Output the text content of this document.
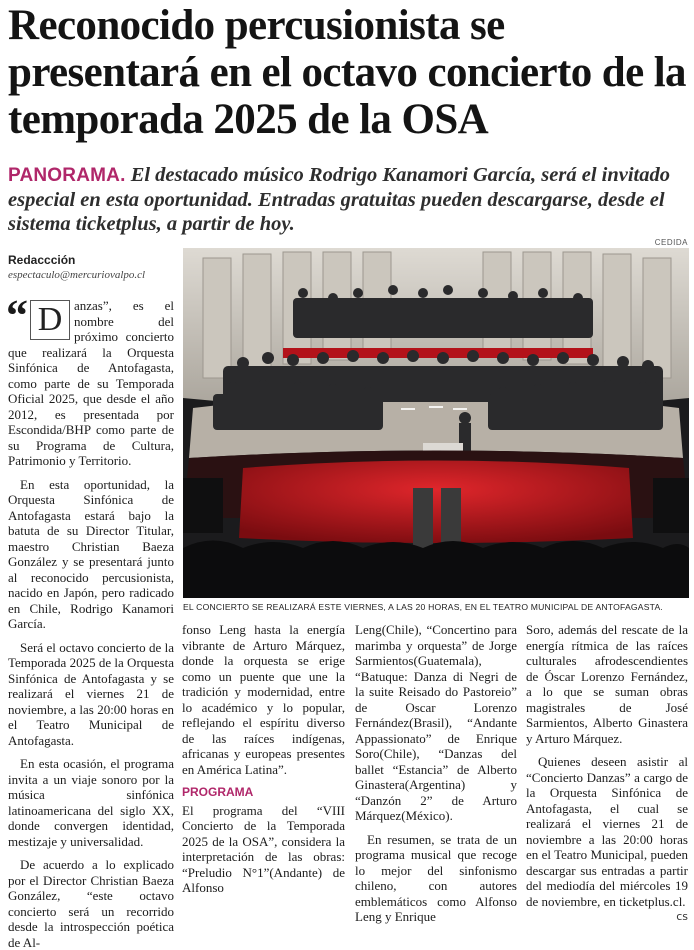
Reconocido percusionista se presentará en el octavo concierto de la temporada 2025 de la OSA
PANORAMA. El destacado músico Rodrigo Kanamori García, será el invitado especial en esta oportunidad. Entradas gratuitas pueden descargarse, desde el sistema ticketplus, a partir de hoy.
Redaccción
espectaculo@mercuriovalpo.cl
CEDIDA
EL CONCIERTO SE REALIZARÁ ESTE VIERNES, A LAS 20 HORAS, EN EL TEATRO MUNICIPAL DE ANTOFAGASTA.
“ D anzas”, es el nombre del próximo concierto que realizará la Orquesta Sinfónica de Antofagasta, como parte de su Temporada Oficial 2025, que desde el año 2012, es presentada por Escondida/BHP como parte de su Programa de Cultura, Patrimonio y Territorio.

En esta oportunidad, la Orquesta Sinfónica de Antofagasta estará bajo la batuta de su Director Titular, maestro Christian Baeza González y se presentará junto al reconocido percusionista, nacido en Japón, pero radicado en Chile, Rodrigo Kanamori García.

Será el octavo concierto de la Temporada 2025 de la Orquesta Sinfónica de Antofagasta y se realizará el viernes 21 de noviembre, a las 20:00 horas en el Teatro Municipal de Antofagasta.

En esta ocasión, el programa invita a un viaje sonoro por la música sinfónica latinoamericana del siglo XX, donde convergen identidad, mestizaje y universalidad.

De acuerdo a lo explicado por el Director Christian Baeza González, “este octavo concierto será un recorrido desde la introspección poética de Al-

fonso Leng hasta la energía vibrante de Arturo Márquez, donde la orquesta se erige como un puente que une la tradición y modernidad, entre lo académico y lo popular, reflejando el espíritu diverso de las raíces indígenas, africanas y europeas presentes en América Latina”.

PROGRAMA

El programa del “VIII Concierto de la Temporada 2025 de la OSA”, considera la interpretación de las obras: “Preludio N°1”(Andante) de Alfonso

Leng(Chile), “Concertino para marimba y orquesta” de Jorge Sarmientos(Guatemala), “Batuque: Danza di Negri de la suite Reisado do Pastoreio” de Oscar Lorenzo Fernández(Brasil), “Andante Appassionato” de Enrique Soro(Chile), “Danzas del ballet “Estancia” de Alberto Ginastera(Argentina) y “Danzón 2” de Arturo Márquez(México).

En resumen, se trata de un programa musical que recoge lo mejor del sinfonismo chileno, con autores emblemáticos como Alfonso Leng y Enrique

Soro, además del rescate de la energía rítmica de las raíces culturales afrodescendientes de Óscar Lorenzo Fernández, a lo que se suman obras magistrales de José Sarmientos, Alberto Ginastera y Arturo Márquez.

Quienes deseen asistir al “Concierto Danzas” a cargo de la Orquesta Sinfónica de Antofagasta, el cual se realizará el viernes 21 de noviembre a las 20:00 horas en el Teatro Municipal, pueden descargar sus entradas a partir del mediodía del miércoles 19 de noviembre, en ticketplus.cl.
cs
